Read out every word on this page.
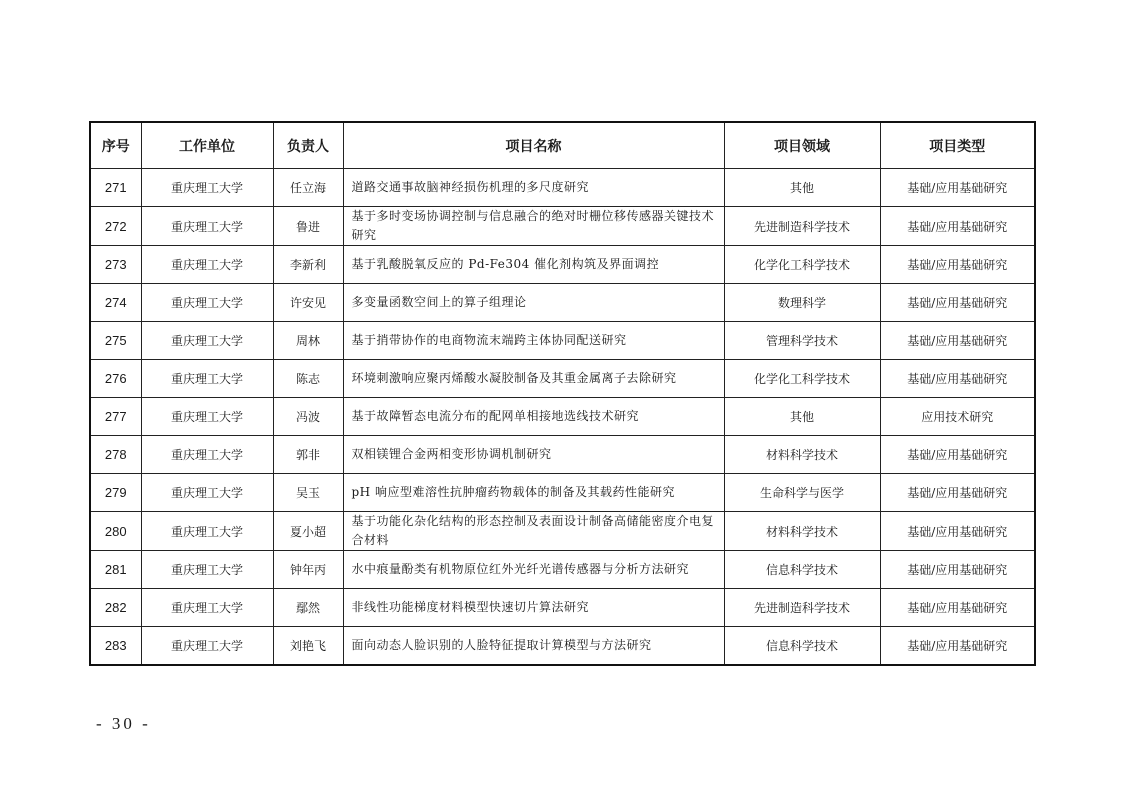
序号	工作单位	负责人	项目名称	项目领域	项目类型
271	重庆理工大学	任立海	道路交通事故脑神经损伤机理的多尺度研究	其他	基础/应用基础研究
272	重庆理工大学	鲁进	基于多时变场协调控制与信息融合的绝对时栅位移传感器关键技术研究	先进制造科学技术	基础/应用基础研究
273	重庆理工大学	李新利	基于乳酸脱氧反应的 Pd-Fe304 催化剂构筑及界面调控	化学化工科学技术	基础/应用基础研究
274	重庆理工大学	许安见	多变量函数空间上的算子组理论	数理科学	基础/应用基础研究
275	重庆理工大学	周林	基于捎带协作的电商物流末端跨主体协同配送研究	管理科学技术	基础/应用基础研究
276	重庆理工大学	陈志	环境刺激响应聚丙烯酸水凝胶制备及其重金属离子去除研究	化学化工科学技术	基础/应用基础研究
277	重庆理工大学	冯波	基于故障暂态电流分布的配网单相接地选线技术研究	其他	应用技术研究
278	重庆理工大学	郭非	双相镁锂合金两相变形协调机制研究	材料科学技术	基础/应用基础研究
279	重庆理工大学	吴玉	pH 响应型难溶性抗肿瘤药物载体的制备及其载药性能研究	生命科学与医学	基础/应用基础研究
280	重庆理工大学	夏小超	基于功能化杂化结构的形态控制及表面设计制备高储能密度介电复合材料	材料科学技术	基础/应用基础研究
281	重庆理工大学	钟年丙	水中痕量酚类有机物原位红外光纤光谱传感器与分析方法研究	信息科学技术	基础/应用基础研究
282	重庆理工大学	鄢然	非线性功能梯度材料模型快速切片算法研究	先进制造科学技术	基础/应用基础研究
283	重庆理工大学	刘艳飞	面向动态人脸识别的人脸特征提取计算模型与方法研究	信息科学技术	基础/应用基础研究
- 30 -
